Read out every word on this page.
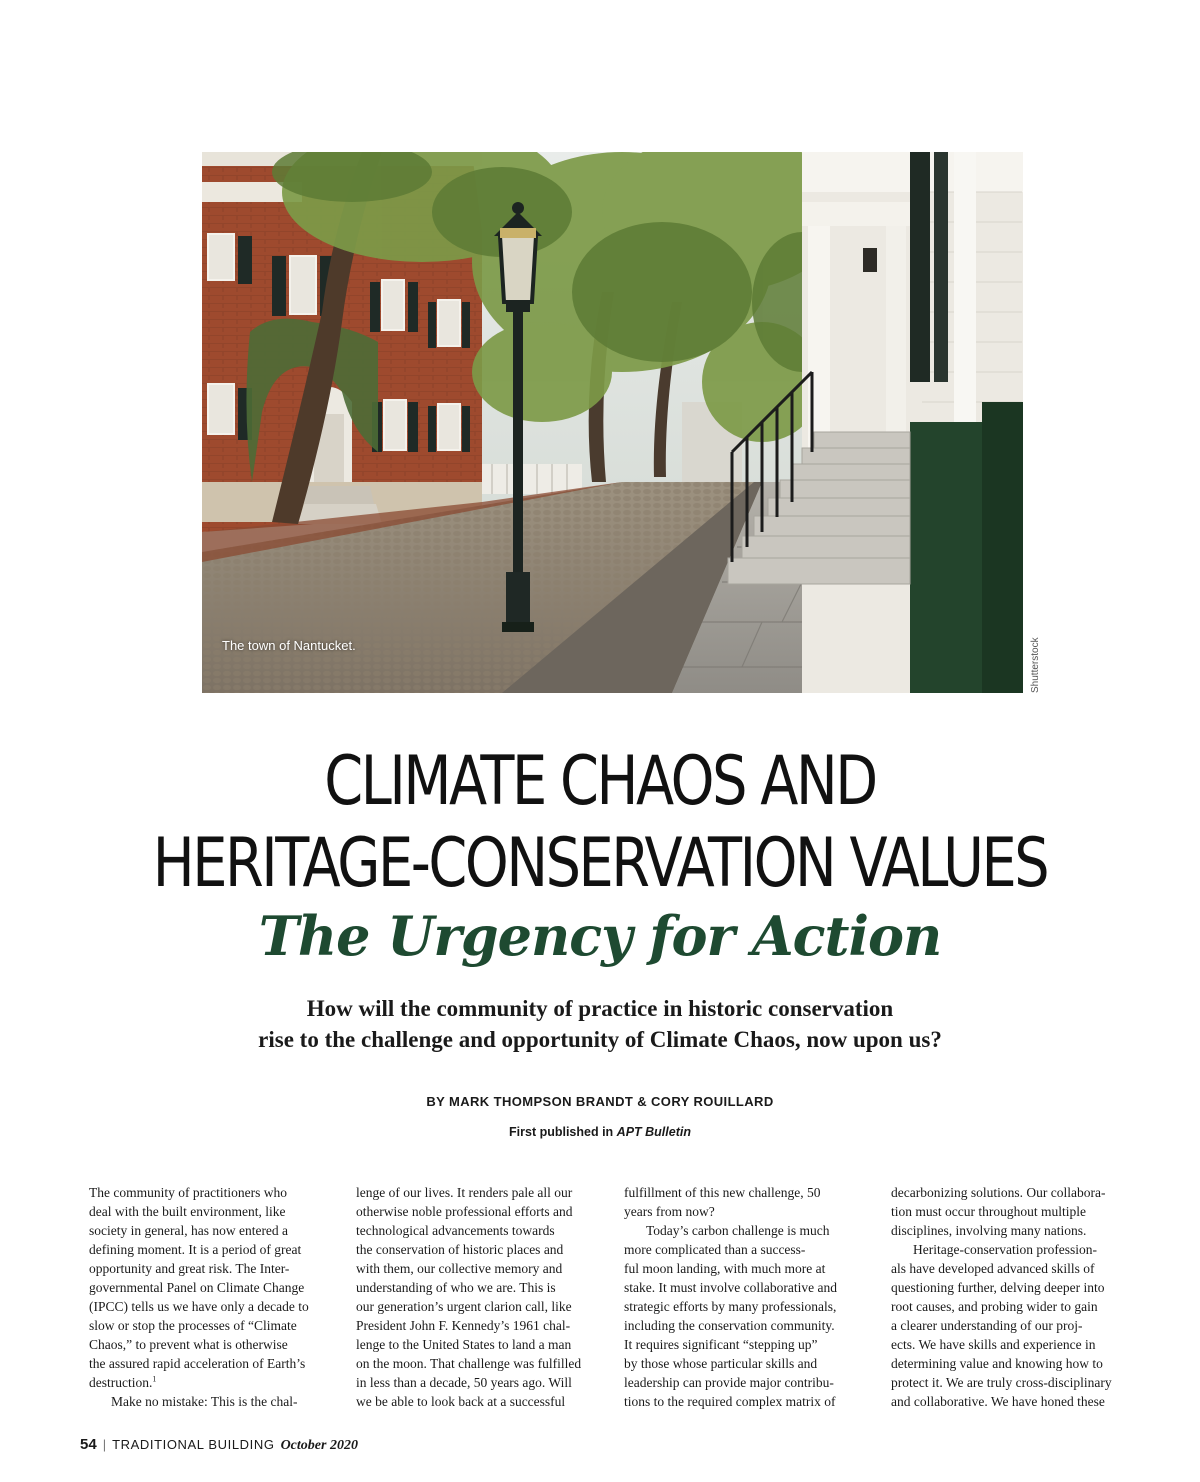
The town of Nantucket.	Shutterstock
CLIMATE CHAOS AND
HERITAGE-CONSERVATION VALUES
The Urgency for Action
How will the community of practice in historic conservation
rise to the challenge and opportunity of Climate Chaos, now upon us?
BY MARK THOMPSON BRANDT & CORY ROUILLARD
First published in APT Bulletin
The community of practitioners who
deal with the built environment, like
society in general, has now entered a
defining moment. It is a period of great
opportunity and great risk. The Inter-
governmental Panel on Climate Change
(IPCC) tells us we have only a decade to
slow or stop the processes of “Climate
Chaos,” to prevent what is otherwise
the assured rapid acceleration of Earth’s
destruction.$^1$
Make no mistake: This is the chal-
lenge of our lives. It renders pale all our
otherwise noble professional efforts and
technological advancements towards
the conservation of historic places and
with them, our collective memory and
understanding of who we are. This is
our generation’s urgent clarion call, like
President John F. Kennedy’s 1961 chal-
lenge to the United States to land a man
on the moon. That challenge was fulfilled
in less than a decade, 50 years ago. Will
we be able to look back at a successful
fulfillment of this new challenge, 50
years from now?
Today’s carbon challenge is much
more complicated than a success-
ful moon landing, with much more at
stake. It must involve collaborative and
strategic efforts by many professionals,
including the conservation community.
It requires significant “stepping up”
by those whose particular skills and
leadership can provide major contribu-
tions to the required complex matrix of
decarbonizing solutions. Our collabora-
tion must occur throughout multiple
disciplines, involving many nations.
Heritage-conservation profession-
als have developed advanced skills of
questioning further, delving deeper into
root causes, and probing wider to gain
a clearer understanding of our proj-
ects. We have skills and experience in
determining value and knowing how to
protect it. We are truly cross-disciplinary
and collaborative. We have honed these
54 | TRADITIONAL BUILDING October 2020
